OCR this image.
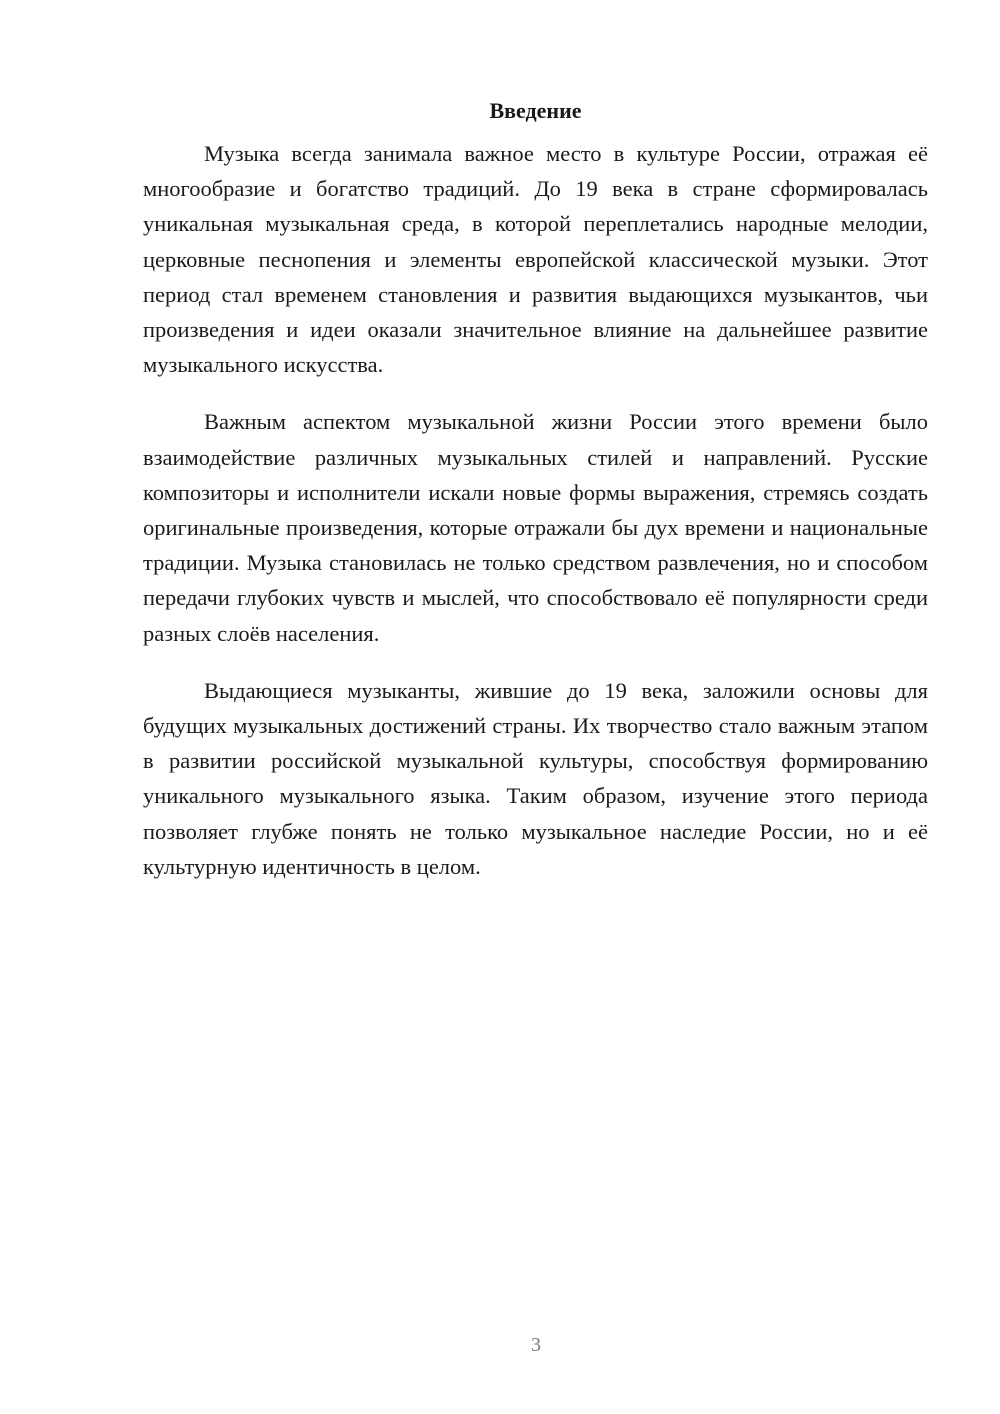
Введение

Музыка всегда занимала важное место в культуре России, отражая её многообразие и богатство традиций. До 19 века в стране сформировалась уникальная музыкальная среда, в которой переплетались народные мелодии, церковные песнопения и элементы европейской классической музыки. Этот период стал временем становления и развития выдающихся музыкантов, чьи произведения и идеи оказали значительное влияние на дальнейшее развитие музыкального искусства.

Важным аспектом музыкальной жизни России этого времени было взаимодействие различных музыкальных стилей и направлений. Русские композиторы и исполнители искали новые формы выражения, стремясь создать оригинальные произведения, которые отражали бы дух времени и национальные традиции. Музыка становилась не только средством развлечения, но и способом передачи глубоких чувств и мыслей, что способствовало её популярности среди разных слоёв населения.

Выдающиеся музыканты, жившие до 19 века, заложили основы для будущих музыкальных достижений страны. Их творчество стало важным этапом в развитии российской музыкальной культуры, способствуя формированию уникального музыкального языка. Таким образом, изучение этого периода позволяет глубже понять не только музыкальное наследие России, но и её культурную идентичность в целом.

3
